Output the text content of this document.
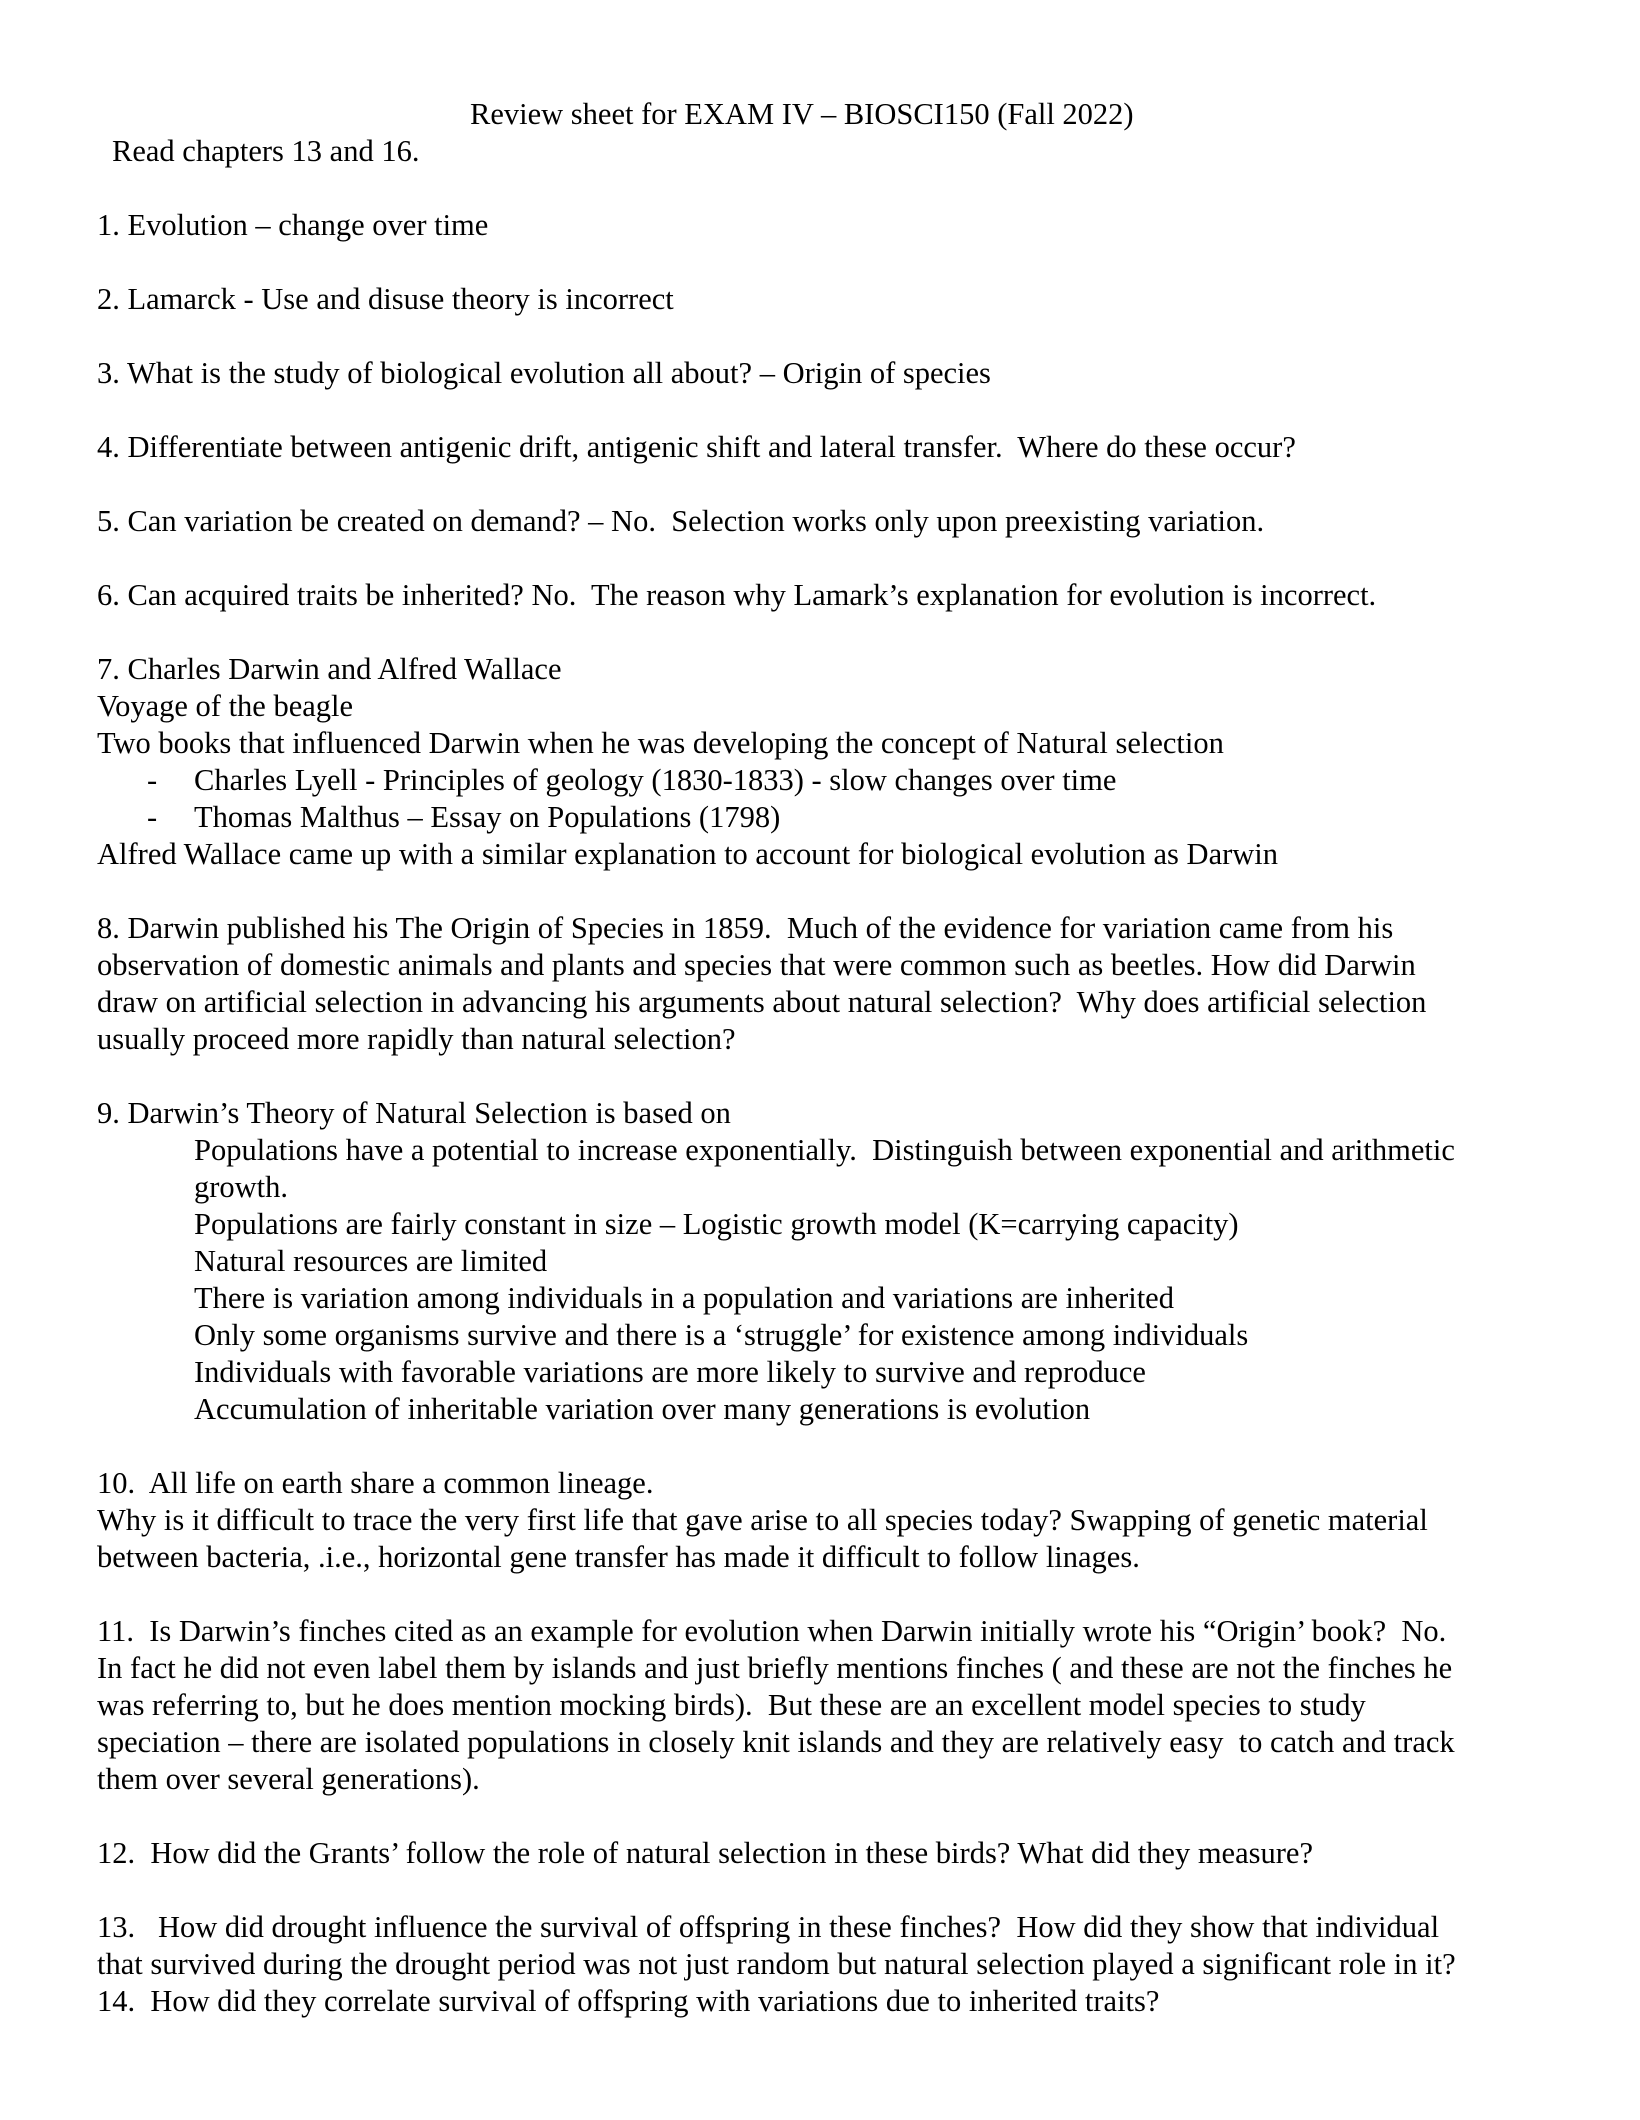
Review sheet for EXAM IV – BIOSCI150 (Fall 2022)
Read chapters 13 and 16.
1. Evolution – change over time
2. Lamarck - Use and disuse theory is incorrect
3. What is the study of biological evolution all about? – Origin of species
4. Differentiate between antigenic drift, antigenic shift and lateral transfer.  Where do these occur?
5. Can variation be created on demand? – No.  Selection works only upon preexisting variation.
6. Can acquired traits be inherited? No.  The reason why Lamark’s explanation for evolution is incorrect.
7. Charles Darwin and Alfred Wallace
Voyage of the beagle
Two books that influenced Darwin when he was developing the concept of Natural selection
- Charles Lyell - Principles of geology (1830-1833) - slow changes over time
- Thomas Malthus – Essay on Populations (1798)
Alfred Wallace came up with a similar explanation to account for biological evolution as Darwin
8. Darwin published his The Origin of Species in 1859.  Much of the evidence for variation came from his
observation of domestic animals and plants and species that were common such as beetles. How did Darwin
draw on artificial selection in advancing his arguments about natural selection?  Why does artificial selection
usually proceed more rapidly than natural selection?
9. Darwin’s Theory of Natural Selection is based on
Populations have a potential to increase exponentially.  Distinguish between exponential and arithmetic
growth.
Populations are fairly constant in size – Logistic growth model (K=carrying capacity)
Natural resources are limited
There is variation among individuals in a population and variations are inherited
Only some organisms survive and there is a ‘struggle’ for existence among individuals
Individuals with favorable variations are more likely to survive and reproduce
Accumulation of inheritable variation over many generations is evolution
10.  All life on earth share a common lineage.
Why is it difficult to trace the very first life that gave arise to all species today? Swapping of genetic material
between bacteria, .i.e., horizontal gene transfer has made it difficult to follow linages.
11.  Is Darwin’s finches cited as an example for evolution when Darwin initially wrote his “Origin’ book?  No.
In fact he did not even label them by islands and just briefly mentions finches ( and these are not the finches he
was referring to, but he does mention mocking birds).  But these are an excellent model species to study
speciation – there are isolated populations in closely knit islands and they are relatively easy  to catch and track
them over several generations).
12.  How did the Grants’ follow the role of natural selection in these birds? What did they measure?
13.   How did drought influence the survival of offspring in these finches?  How did they show that individual
that survived during the drought period was not just random but natural selection played a significant role in it?
14.  How did they correlate survival of offspring with variations due to inherited traits?
